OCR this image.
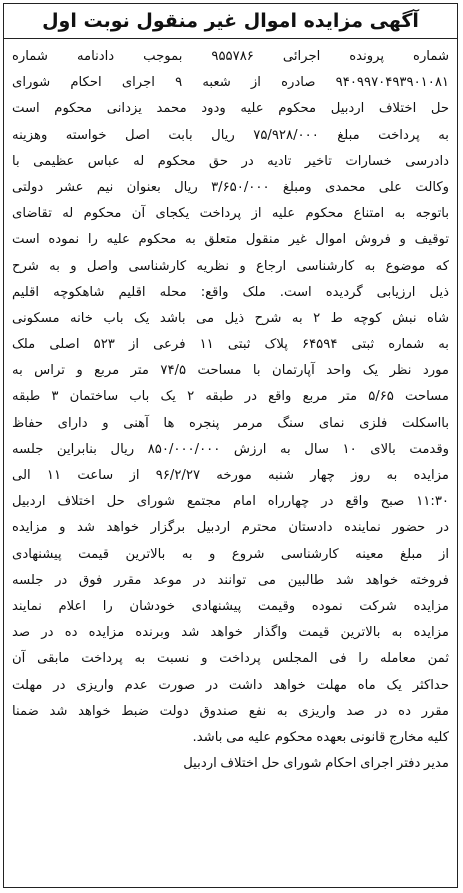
آگهی مزایده اموال غیر منقول نوبت اول
شماره پرونده اجرائی ۹۵۵۷۸۶ بموجب دادنامه شماره
۹۴۰۹۹۷۰۴۹۳۹۰۱۰۸۱ صادره از شعبه ۹ اجرای احکام شورای
حل اختلاف اردبیل محکوم علیه ودود محمد یزدانی محکوم است
به پرداخت مبلغ ۷۵/۹۲۸/۰۰۰ ریال بابت اصل خواسته وهزینه
دادرسی خسارات تاخیر تادیه در حق محکوم له عباس عظیمی با
وکالت علی محمدی ومبلغ ۳/۶۵۰/۰۰۰ ریال بعنوان نیم عشر دولتی
باتوجه به امتناع محکوم علیه از پرداخت یکجای آن محکوم له تقاضای
توقیف و فروش اموال غیر منقول متعلق به محکوم علیه را نموده است
که موضوع به کارشناسی ارجاع و نظریه کارشناسی واصل و به شرح
ذیل ارزیابی گردیده است. ملک واقع: محله اقلیم شاهکوچه اقلیم
شاه نبش کوچه ط ۲ به شرح ذیل می باشد یک باب خانه مسکونی
به شماره ثبتی ۶۴۵۹۴ پلاک ثبتی ۱۱ فرعی از ۵۲۳ اصلی ملک
مورد نظر یک واحد آپارتمان با مساحت ۷۴/۵ متر مربع و تراس به
مساحت ۵/۶۵ متر مربع واقع در طبقه ۲ یک باب ساختمان ۳ طبقه
بااسکلت فلزی نمای سنگ مرمر پنجره ها آهنی و دارای حفاظ
وقدمت بالای ۱۰ سال به ارزش ۸۵۰/۰۰۰/۰۰۰ ریال بنابراین جلسه
مزایده به روز چهار شنبه مورخه ۹۶/۲/۲۷ از ساعت ۱۱ الی
۱۱:۳۰ صبح واقع در چهارراه امام مجتمع شورای حل اختلاف اردبیل
در حضور نماینده دادستان محترم اردبیل برگزار خواهد شد و مزایده
از مبلغ معینه کارشناسی شروع و به بالاترین قیمت پیشنهادی
فروخته خواهد شد طالبین می توانند در موعد مقرر فوق در جلسه
مزایده شرکت نموده وقیمت پیشنهادی خودشان را اعلام نمایند
مزایده به بالاترین قیمت واگذار خواهد شد وبرنده مزایده ده در صد
ثمن معامله را فی المجلس پرداخت و نسبت به پرداخت مابقی آن
حداکثر یک ماه مهلت خواهد داشت در صورت عدم واریزی در مهلت
مقرر ده در صد واریزی به نفع صندوق دولت ضبط خواهد شد ضمنا
کلیه مخارج قانونی بعهده محکوم علیه می باشد.
مدیر دفتر اجرای احکام شورای حل اختلاف اردبیل
